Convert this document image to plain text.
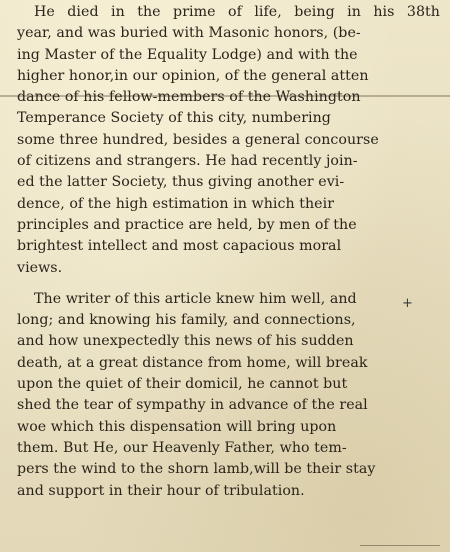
He died in the prime of life, being in his 38th
year, and was buried with Masonic honors, (be-
ing Master of the Equality Lodge) and with the
higher honor,in our opinion, of the general atten
dance of his fellow-members of the Washington
Temperance Society of this city, numbering
some three hundred, besides a general concourse
of citizens and strangers. He had recently join-
ed the latter Society, thus giving another evi-
dence, of the high estimation in which their
principles and practice are held, by men of the
brightest intellect and most capacious moral
views.
The writer of this article knew him well, and
long; and knowing his family, and connections,
and how unexpectedly this news of his sudden
death, at a great distance from home, will break
upon the quiet of their domicil, he cannot but
shed the tear of sympathy in advance of the real
woe which this dispensation will bring upon
them. But He, our Heavenly Father, who tem-
pers the wind to the shorn lamb,will be their stay
and support in their hour of tribulation.
+
